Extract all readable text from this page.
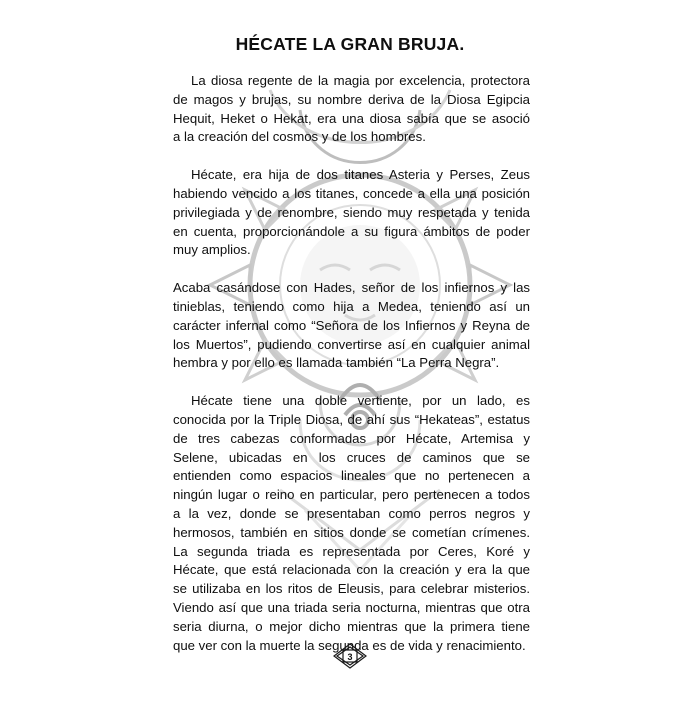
HÉCATE LA GRAN BRUJA.

La diosa regente de la magia por excelencia, protectora
de magos y brujas, su nombre deriva de la Diosa Egipcia
Hequit, Heket o Hekat, era una diosa sabía que se asoció
a la creación del cosmos y de los hombres.

Hécate, era hija de dos titanes Asteria y Perses, Zeus
habiendo vencido a los titanes, concede a ella una posición
privilegiada y de renombre, siendo muy respetada y tenida
en cuenta, proporcionándole a su figura ámbitos de poder
muy amplios.

Acaba casándose con Hades, señor de los infiernos y las
tinieblas, teniendo como hija a Medea, teniendo así un
carácter infernal como “Señora de los Infiernos y Reyna de
los Muertos”, pudiendo convertirse así en cualquier animal
hembra y por ello es llamada también “La Perra Negra”.

Hécate tiene una doble vertiente, por un lado, es
conocida por la Triple Diosa, de ahí sus “Hekateas”, estatus
de tres cabezas conformadas por Hécate, Artemisa y
Selene, ubicadas en los cruces de caminos que se
entienden como espacios lineales que no pertenecen a
ningún lugar o reino en particular, pero pertenecen a todos
a la vez, donde se presentaban como perros negros y
hermosos, también en sitios donde se cometían crímenes.
La segunda triada es representada por Ceres, Koré y
Hécate, que está relacionada con la creación y era la que
se utilizaba en los ritos de Eleusis, para celebrar misterios.
Viendo así que una triada seria nocturna, mientras que otra
seria diurna, o mejor dicho mientras que la primera tiene
que ver con la muerte la segunda es de vida y renacimiento.

3
